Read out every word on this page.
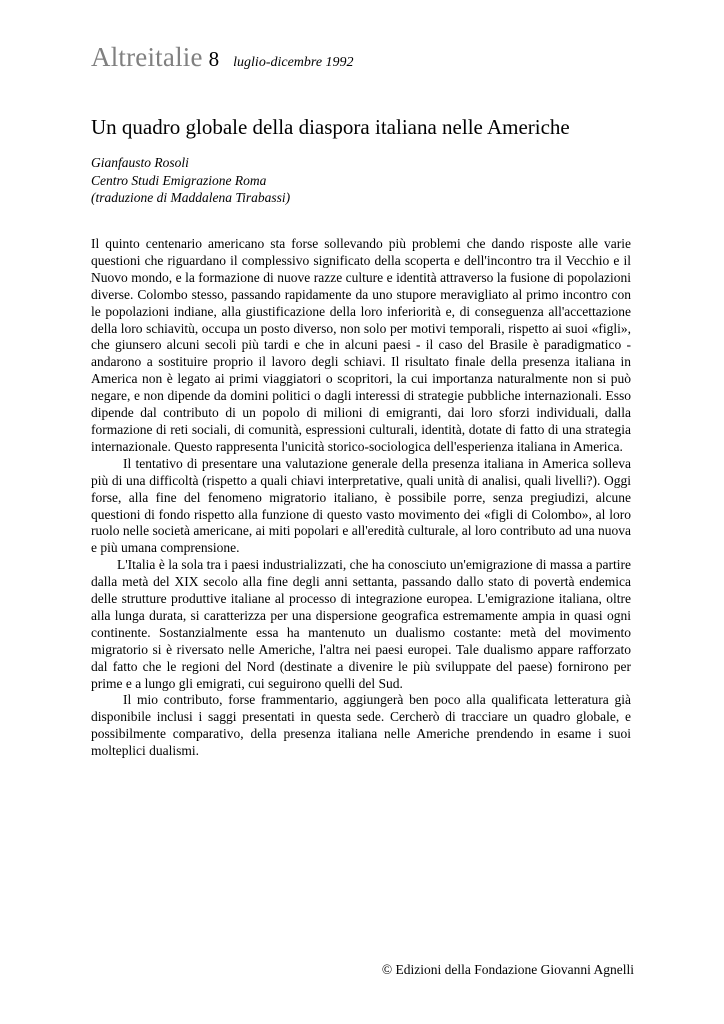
Altreitalie 8 luglio-dicembre 1992
Un quadro globale della diaspora italiana nelle Americhe
Gianfausto Rosoli
Centro Studi Emigrazione Roma
(traduzione di Maddalena Tirabassi)

Il quinto centenario americano sta forse sollevando più problemi che dando risposte alle varie questioni che riguardano il complessivo significato della scoperta e dell'incontro tra il Vecchio e il Nuovo mondo, e la formazione di nuove razze culture e identità attraverso la fusione di popolazioni diverse. Colombo stesso, passando rapidamente da uno stupore meravigliato al primo incontro con le popolazioni indiane, alla giustificazione della loro inferiorità e, di conseguenza all'accettazione della loro schiavitù, occupa un posto diverso, non solo per motivi temporali, rispetto ai suoi «figli», che giunsero alcuni secoli più tardi e che in alcuni paesi - il caso del Brasile è paradigmatico - andarono a sostituire proprio il lavoro degli schiavi. Il risultato finale della presenza italiana in America non è legato ai primi viaggiatori o scopritori, la cui importanza naturalmente non si può negare, e non dipende da domini politici o dagli interessi di strategie pubbliche internazionali. Esso dipende dal contributo di un popolo di milioni di emigranti, dai loro sforzi individuali, dalla formazione di reti sociali, di comunità, espressioni culturali, identità, dotate di fatto di una strategia internazionale. Questo rappresenta l'unicità storico-sociologica dell'esperienza italiana in America.

Il tentativo di presentare una valutazione generale della presenza italiana in America solleva più di una difficoltà (rispetto a quali chiavi interpretative, quali unità di analisi, quali livelli?). Oggi forse, alla fine del fenomeno migratorio italiano, è possibile porre, senza pregiudizi, alcune questioni di fondo rispetto alla funzione di questo vasto movimento dei «figli di Colombo», al loro ruolo nelle società americane, ai miti popolari e all'eredità culturale, al loro contributo ad una nuova e più umana comprensione.

L'Italia è la sola tra i paesi industrializzati, che ha conosciuto un'emigrazione di massa a partire dalla metà del XIX secolo alla fine degli anni settanta, passando dallo stato di povertà endemica delle strutture produttive italiane al processo di integrazione europea. L'emigrazione italiana, oltre alla lunga durata, si caratterizza per una dispersione geografica estremamente ampia in quasi ogni continente. Sostanzialmente essa ha mantenuto un dualismo costante: metà del movimento migratorio si è riversato nelle Americhe, l'altra nei paesi europei. Tale dualismo appare rafforzato dal fatto che le regioni del Nord (destinate a divenire le più sviluppate del paese) fornirono per prime e a lungo gli emigrati, cui seguirono quelli del Sud.

Il mio contributo, forse frammentario, aggiungerà ben poco alla qualificata letteratura già disponibile inclusi i saggi presentati in questa sede. Cercherò di tracciare un quadro globale, e possibilmente comparativo, della presenza italiana nelle Americhe prendendo in esame i suoi molteplici dualismi.

© Edizioni della Fondazione Giovanni Agnelli
